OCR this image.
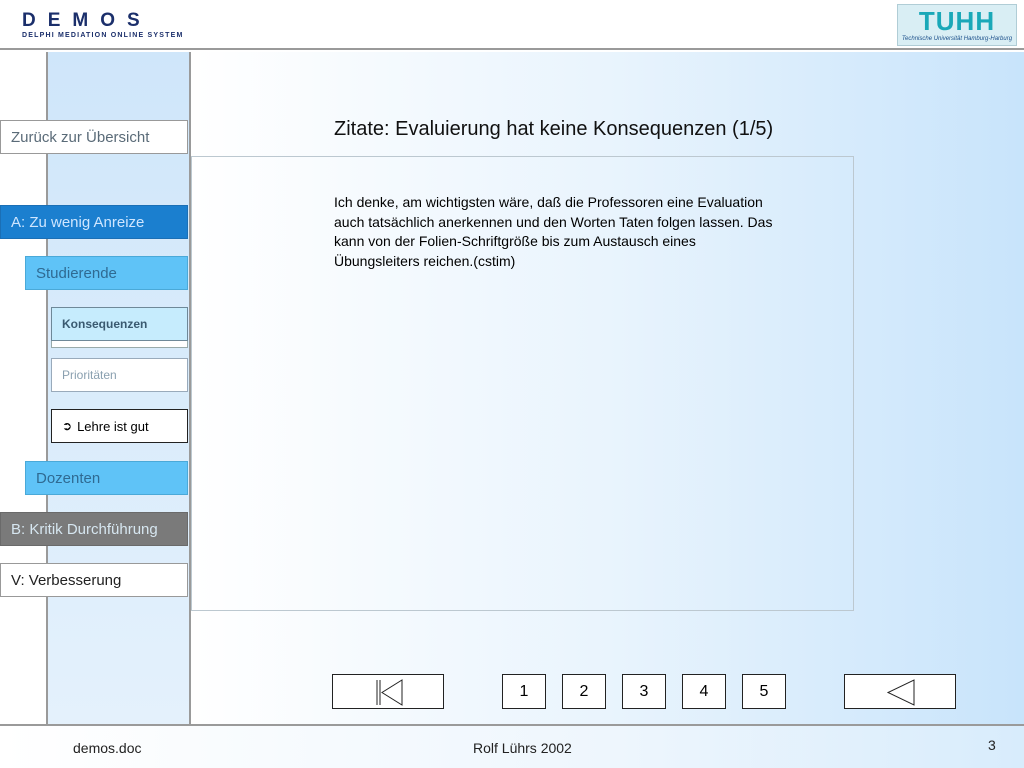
DEMOS
DELPHI MEDIATION ONLINE SYSTEM	TUHH
Technische Universität Hamburg-Harburg
Zurück zur Übersicht
A: Zu wenig Anreize
Studierende
Konsequenzen
Prioritäten
➲ Lehre ist gut
Dozenten
B: Kritik Durchführung
V: Verbesserung
Zitate: Evaluierung hat keine Konsequenzen (1/5)
Ich denke, am wichtigsten wäre, daß die Professoren eine Evaluation auch tatsächlich anerkennen und den Worten Taten folgen lassen. Das kann von der Folien-Schriftgröße bis zum Austausch eines Übungsleiters reichen.(cstim)
1	2	3	4	5
demos.doc	Rolf Lührs 2002	3
